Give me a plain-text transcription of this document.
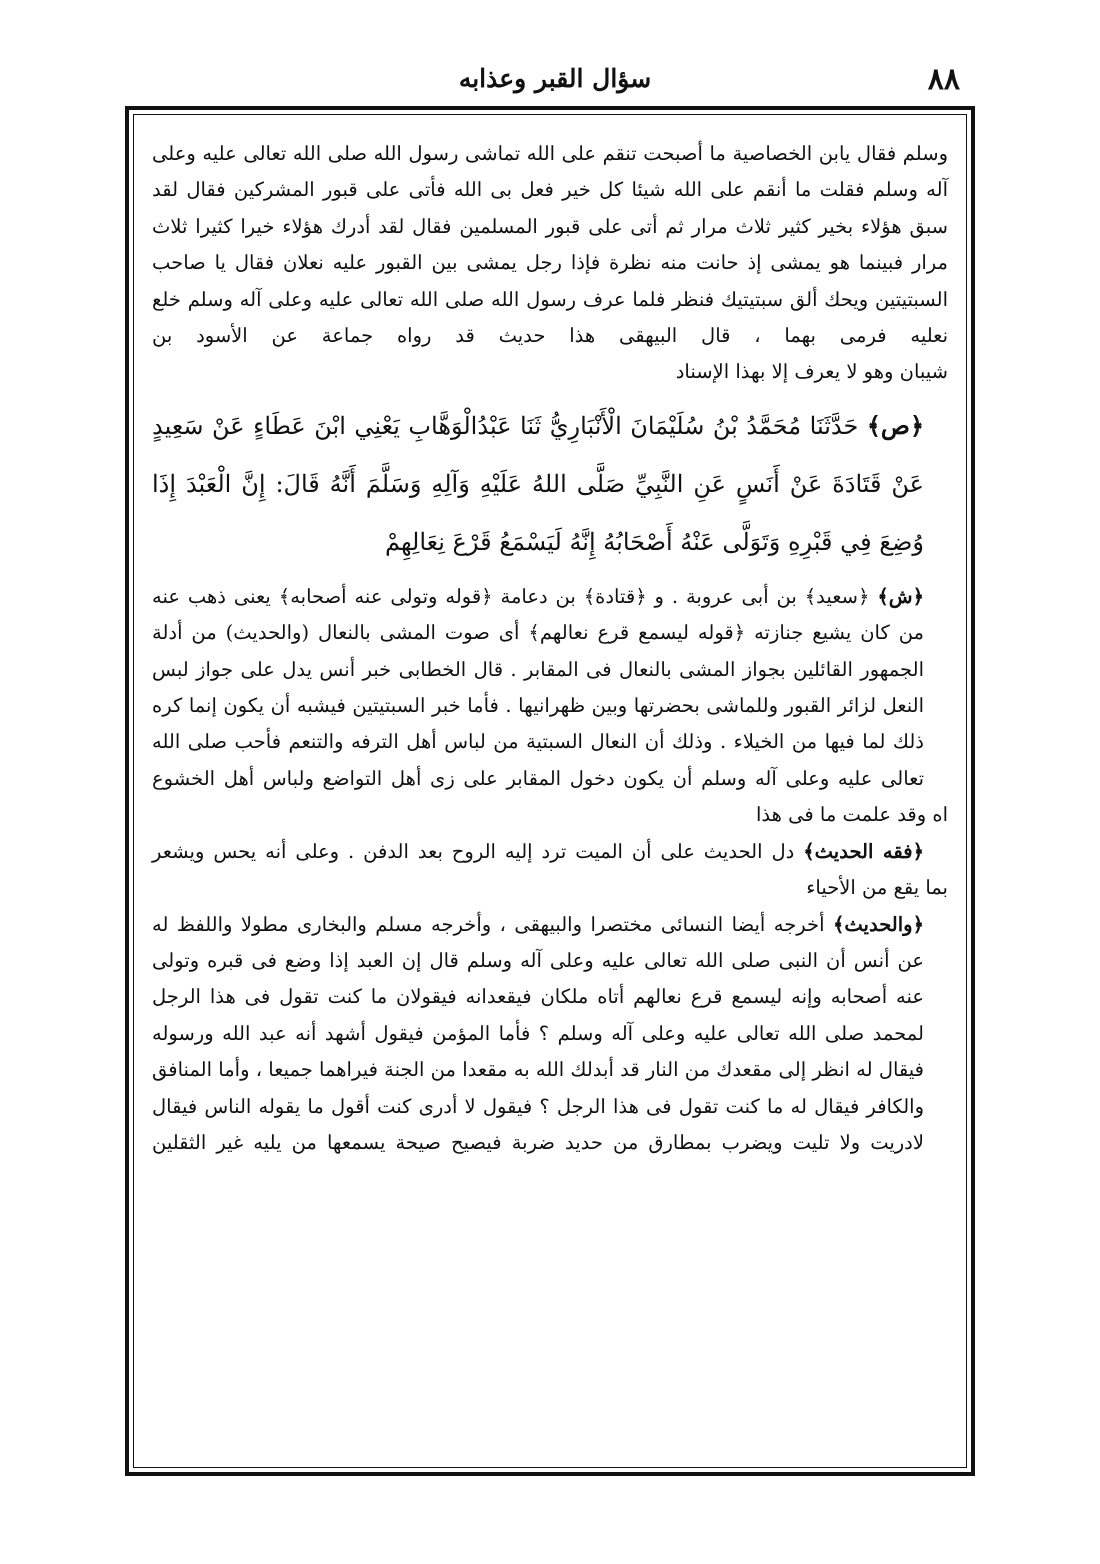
٨٨
سؤال القبر وعذابه

وسلم فقال يابن الخصاصية ما أصبحت تنقم على الله تماشى رسول الله صلى الله تعالى عليه وعلى آله وسلم فقلت ما أنقم على الله شيئا كل خير فعل بى الله فأتى على قبور المشركين فقال لقد سبق هؤلاء بخير كثير ثلاث مرار ثم أتى على قبور المسلمين فقال لقد أدرك هؤلاء خيرا كثيرا ثلاث مرار فبينما هو يمشى إذ حانت منه نظرة فإذا رجل يمشى بين القبور عليه نعلان فقال يا صاحب السبتيتين ويحك ألق سبتيتيك فنظر فلما عرف رسول الله صلى الله تعالى عليه وعلى آله وسلم خلع نعليه فرمى بهما ، قال البيهقى هذا حديث قد رواه جماعة عن الأسود بن

شيبان وهو لا يعرف إلا بهذا الإسناد

﴿ص﴾ حَدَّثَنَا مُحَمَّدُ بْنُ سُلَيْمَانَ الْأَنْبَارِيُّ ثَنَا عَبْدُالْوَهَّابِ يَعْنِي ابْنَ عَطَاءٍ عَنْ سَعِيدٍ عَنْ قَتَادَةَ عَنْ أَنَسٍ عَنِ النَّبِيِّ صَلَّى اللهُ عَلَيْهِ وَآلِهِ وَسَلَّمَ أَنَّهُ قَالَ: إِنَّ الْعَبْدَ إِذَا وُضِعَ فِي قَبْرِهِ وَتَوَلَّى عَنْهُ أَصْحَابُهُ إِنَّهُ لَيَسْمَعُ قَرْعَ نِعَالِهِمْ

﴿ش﴾ ﴿سعيد﴾ بن أبى عروبة . و ﴿قتادة﴾ بن دعامة ﴿قوله وتولى عنه أصحابه﴾ يعنى ذهب عنه من كان يشيع جنازته ﴿قوله ليسمع قرع نعالهم﴾ أى صوت المشى بالنعال (والحديث) من أدلة الجمهور القائلين بجواز المشى بالنعال فى المقابر . قال الخطابى خبر أنس يدل على جواز لبس النعل لزائر القبور وللماشى بحضرتها وبين ظهرانيها . فأما خبر السبتيتين فيشبه أن يكون إنما كره ذلك لما فيها من الخيلاء . وذلك أن النعال السبتية من لباس أهل الترفه والتنعم فأحب صلى الله تعالى عليه وعلى آله وسلم أن يكون دخول المقابر على زى أهل التواضع ولباس أهل الخشوع

اه وقد علمت ما فى هذا

﴿فقه الحديث﴾ دل الحديث على أن الميت ترد إليه الروح بعد الدفن . وعلى أنه يحس ويشعر

بما يقع من الأحياء

﴿والحديث﴾ أخرجه أيضا النسائى مختصرا والبيهقى ، وأخرجه مسلم والبخارى مطولا واللفظ له عن أنس أن النبى صلى الله تعالى عليه وعلى آله وسلم قال إن العبد إذا وضع فى قبره وتولى عنه أصحابه وإنه ليسمع قرع نعالهم أتاه ملكان فيقعدانه فيقولان ما كنت تقول فى هذا الرجل لمحمد صلى الله تعالى عليه وعلى آله وسلم ؟ فأما المؤمن فيقول أشهد أنه عبد الله ورسوله فيقال له انظر إلى مقعدك من النار قد أبدلك الله به مقعدا من الجنة فيراهما جميعا ، وأما المنافق والكافر فيقال له ما كنت تقول فى هذا الرجل ؟ فيقول لا أدرى كنت أقول ما يقوله الناس فيقال لادريت ولا تليت ويضرب بمطارق من حديد ضربة فيصيح صيحة يسمعها من يليه غير الثقلين
